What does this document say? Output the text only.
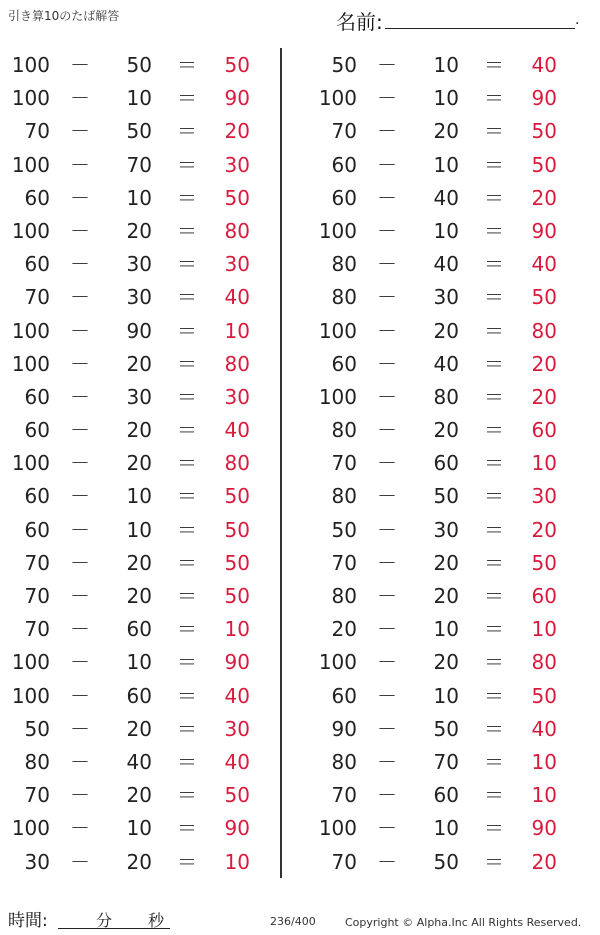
引き算10のたば解答	名前:	.
100 －	50 ＝	50
100 －	10 ＝	90
70 －	50 ＝	20
100 －	70 ＝	30
60 －	10 ＝	50
100 －	20 ＝	80
60 －	30 ＝	30
70 －	30 ＝	40
100 －	90 ＝	10
100 －	20 ＝	80
60 －	30 ＝	30
60 －	20 ＝	40
100 －	20 ＝	80
60 －	10 ＝	50
60 －	10 ＝	50
70 －	20 ＝	50
70 －	20 ＝	50
70 －	60 ＝	10
100 －	10 ＝	90
100 －	60 ＝	40
50 －	20 ＝	30
80 －	40 ＝	40
70 －	20 ＝	50
100 －	10 ＝	90
30 －	20 ＝	10
50 －	10 ＝	40
100 －	10 ＝	90
70 －	20 ＝	50
60 －	10 ＝	50
60 －	40 ＝	20
100 －	10 ＝	90
80 －	40 ＝	40
80 －	30 ＝	50
100 －	20 ＝	80
60 －	40 ＝	20
100 －	80 ＝	20
80 －	20 ＝	60
70 －	60 ＝	10
80 －	50 ＝	30
50 －	30 ＝	20
70 －	20 ＝	50
80 －	20 ＝	60
20 －	10 ＝	10
100 －	20 ＝	80
60 －	10 ＝	50
90 －	50 ＝	40
80 －	70 ＝	10
70 －	60 ＝	10
100 －	10 ＝	90
70 －	50 ＝	20
時間:	分 秒	236/400	Copyright © Alpha.Inc All Rights Reserved.
